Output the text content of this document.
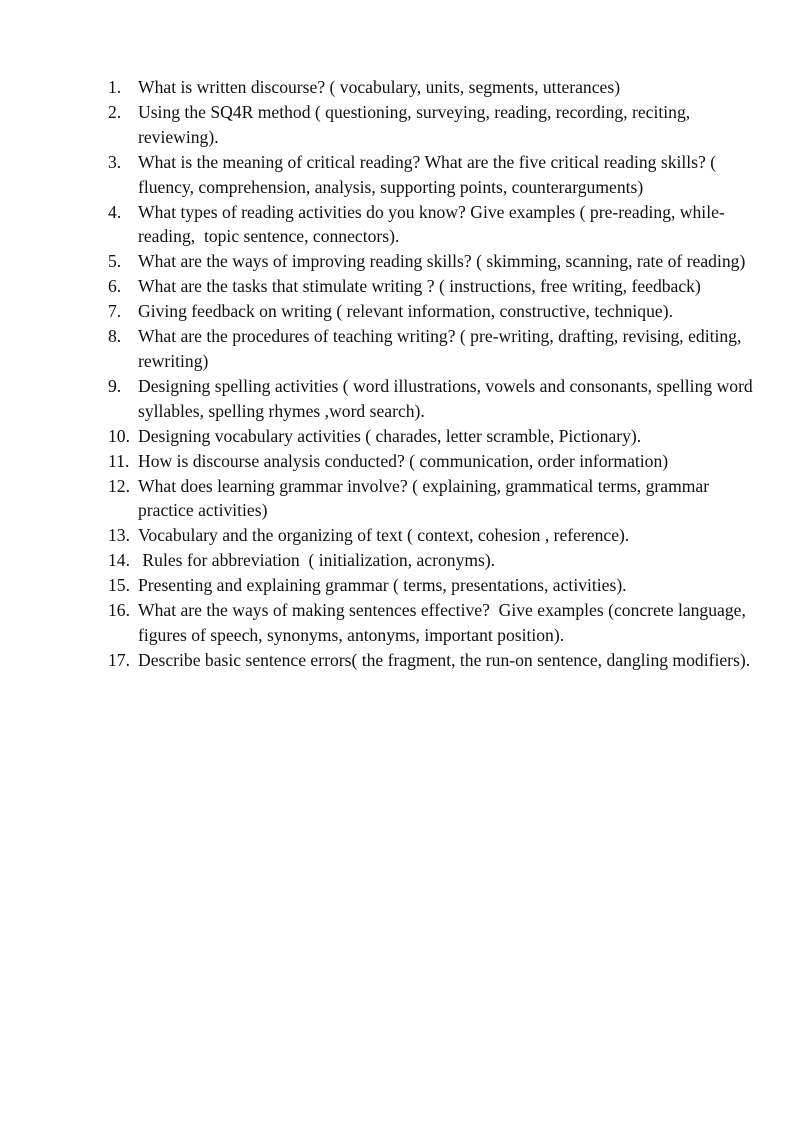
1. What is written discourse? ( vocabulary, units, segments, utterances)
2. Using the SQ4R method ( questioning, surveying, reading, recording, reciting, reviewing).
3. What is the meaning of critical reading? What are the five critical reading skills? ( fluency, comprehension, analysis, supporting points, counterarguments)
4. What types of reading activities do you know? Give examples ( pre-reading, while-reading,  topic sentence, connectors).
5. What are the ways of improving reading skills? ( skimming, scanning, rate of reading)
6. What are the tasks that stimulate writing ? ( instructions, free writing, feedback)
7. Giving feedback on writing ( relevant information, constructive, technique).
8. What are the procedures of teaching writing? ( pre-writing, drafting, revising, editing, rewriting)
9. Designing spelling activities ( word illustrations, vowels and consonants, spelling word syllables, spelling rhymes ,word search).
10. Designing vocabulary activities ( charades, letter scramble, Pictionary).
11. How is discourse analysis conducted? ( communication, order information)
12. What does learning grammar involve? ( explaining, grammatical terms, grammar practice activities)
13. Vocabulary and the organizing of text ( context, cohesion , reference).
14. Rules for abbreviation  ( initialization, acronyms).
15. Presenting and explaining grammar ( terms, presentations, activities).
16. What are the ways of making sentences effective?  Give examples (concrete language, figures of speech, synonyms, antonyms, important position).
17. Describe basic sentence errors( the fragment, the run-on sentence, dangling modifiers).
